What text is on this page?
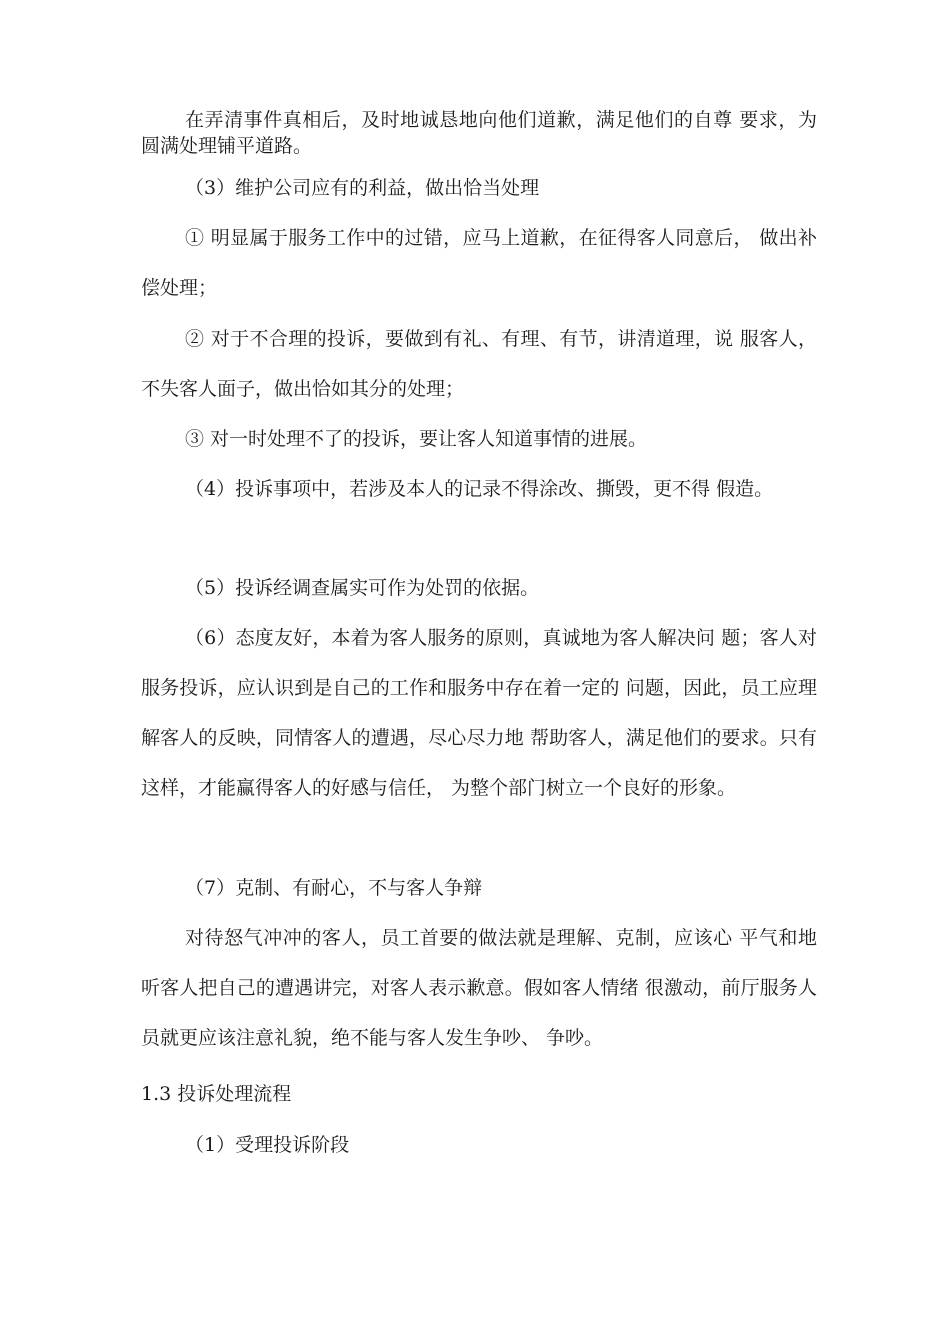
在弄清事件真相后，及时地诚恳地向他们道歉，满足他们的自尊 要求，为圆满处理铺平道路。

（3）维护公司应有的利益，做出恰当处理

① 明显属于服务工作中的过错，应马上道歉，在征得客人同意后， 做出补偿处理；

② 对于不合理的投诉，要做到有礼、有理、有节，讲清道理，说 服客人，不失客人面子，做出恰如其分的处理；

③ 对一时处理不了的投诉，要让客人知道事情的进展。

（4）投诉事项中，若涉及本人的记录不得涂改、撕毁，更不得 假造。

（5）投诉经调查属实可作为处罚的依据。

（6）态度友好，本着为客人服务的原则，真诚地为客人解决问 题；客人对服务投诉，应认识到是自己的工作和服务中存在着一定的 问题，因此，员工应理解客人的反映，同情客人的遭遇，尽心尽力地 帮助客人，满足他们的要求。只有这样，才能赢得客人的好感与信任， 为整个部门树立一个良好的形象。

（7）克制、有耐心，不与客人争辩

对待怒气冲冲的客人，员工首要的做法就是理解、克制，应该心 平气和地听客人把自己的遭遇讲完，对客人表示歉意。假如客人情绪 很激动，前厅服务人员就更应该注意礼貌，绝不能与客人发生争吵、 争吵。

1.3 投诉处理流程

（1）受理投诉阶段
